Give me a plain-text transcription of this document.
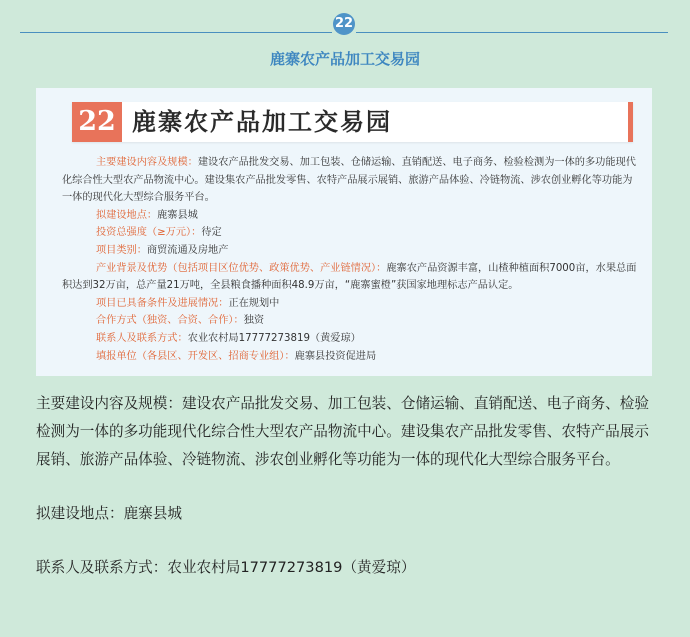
22
鹿寨农产品加工交易园
22 鹿寨农产品加工交易园

主要建设内容及规模：建设农产品批发交易、加工包装、仓储运输、直销配送、电子商务、检验检测为一体的多功能现代化综合性大型农产品物流中心。建设集农产品批发零售、农特产品展示展销、旅游产品体验、冷链物流、涉农创业孵化等功能为一体的现代化大型综合服务平台。

拟建设地点：鹿寨县城

投资总强度（≥万元）：待定

项目类别：商贸流通及房地产

产业背景及优势（包括项目区位优势、政策优势、产业链情况）：鹿寨农产品资源丰富，山楂种植面积7000亩，水果总面积达到32万亩，总产量21万吨，全县粮食播种面积48.9万亩，“鹿寨蜜橙”获国家地理标志产品认定。

项目已具备条件及进展情况：正在规划中

合作方式（独资、合资、合作）：独资

联系人及联系方式：农业农村局17777273819（黄爱琼）

填报单位（各县区、开发区、招商专业组）：鹿寨县投资促进局

主要建设内容及规模：建设农产品批发交易、加工包装、仓储运输、直销配送、电子商务、检验检测为一体的多功能现代化综合性大型农产品物流中心。建设集农产品批发零售、农特产品展示展销、旅游产品体验、冷链物流、涉农创业孵化等功能为一体的现代化大型综合服务平台。

拟建设地点：鹿寨县城

联系人及联系方式：农业农村局17777273819（黄爱琼）
